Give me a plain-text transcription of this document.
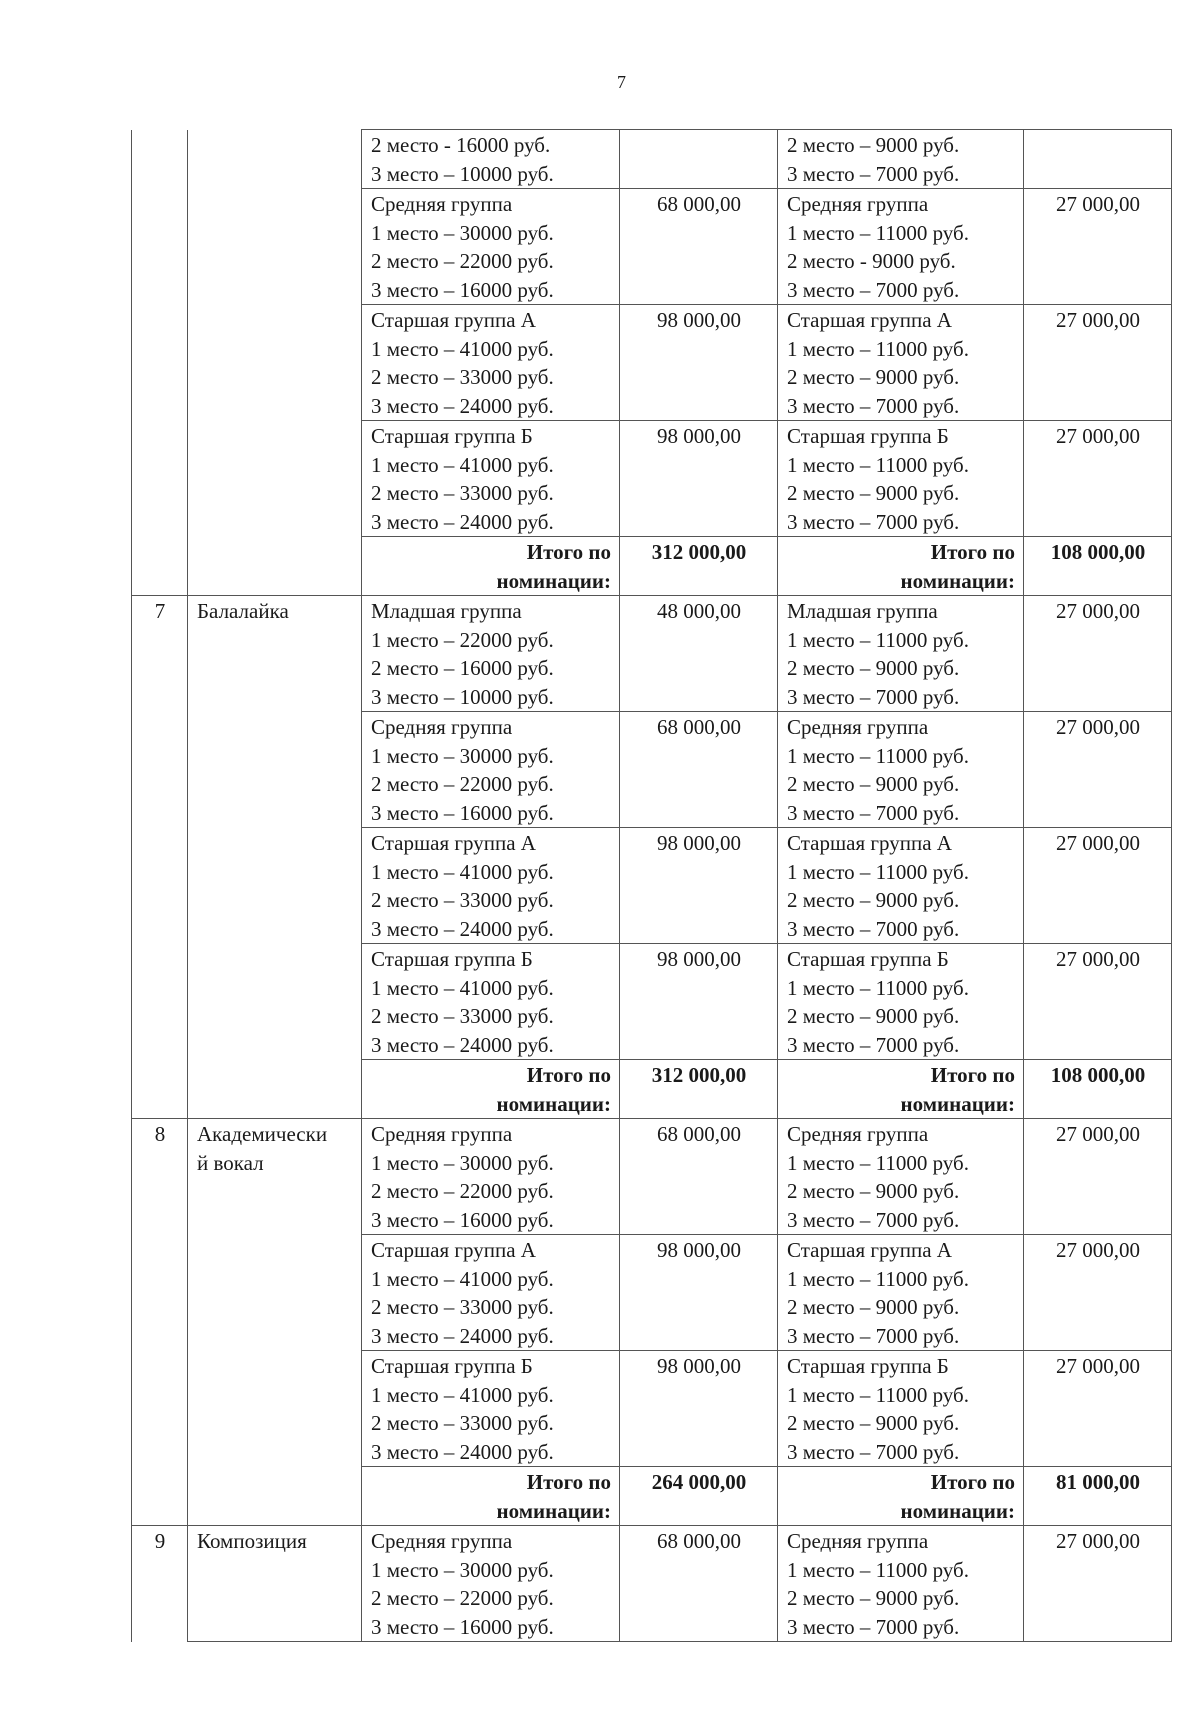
7
		2 место - 16000 руб.
3 место – 10000 руб.		2 место – 9000 руб.
3 место – 7000 руб.	
		Средняя группа
1 место – 30000 руб.
2 место – 22000 руб.
3 место – 16000 руб.	68 000,00	Средняя группа
1 место – 11000 руб.
2 место - 9000 руб.
3 место – 7000 руб.	27 000,00
		Старшая группа А
1 место – 41000 руб.
2 место – 33000 руб.
3 место – 24000 руб.	98 000,00	Старшая группа А
1 место – 11000 руб.
2 место – 9000 руб.
3 место – 7000 руб.	27 000,00
		Старшая группа Б
1 место – 41000 руб.
2 место – 33000 руб.
3 место – 24000 руб.	98 000,00	Старшая группа Б
1 место – 11000 руб.
2 место – 9000 руб.
3 место – 7000 руб.	27 000,00
		Итого по
номинации:	312 000,00	Итого по
номинации:	108 000,00
7	Балалайка	Младшая группа
1 место – 22000 руб.
2 место – 16000 руб.
3 место – 10000 руб.	48 000,00	Младшая группа
1 место – 11000 руб.
2 место – 9000 руб.
3 место – 7000 руб.	27 000,00
		Средняя группа
1 место – 30000 руб.
2 место – 22000 руб.
3 место – 16000 руб.	68 000,00	Средняя группа
1 место – 11000 руб.
2 место – 9000 руб.
3 место – 7000 руб.	27 000,00
		Старшая группа А
1 место – 41000 руб.
2 место – 33000 руб.
3 место – 24000 руб.	98 000,00	Старшая группа А
1 место – 11000 руб.
2 место – 9000 руб.
3 место – 7000 руб.	27 000,00
		Старшая группа Б
1 место – 41000 руб.
2 место – 33000 руб.
3 место – 24000 руб.	98 000,00	Старшая группа Б
1 место – 11000 руб.
2 место – 9000 руб.
3 место – 7000 руб.	27 000,00
		Итого по
номинации:	312 000,00	Итого по
номинации:	108 000,00
8	Академически
й вокал	Средняя группа
1 место – 30000 руб.
2 место – 22000 руб.
3 место – 16000 руб.	68 000,00	Средняя группа
1 место – 11000 руб.
2 место – 9000 руб.
3 место – 7000 руб.	27 000,00
		Старшая группа А
1 место – 41000 руб.
2 место – 33000 руб.
3 место – 24000 руб.	98 000,00	Старшая группа А
1 место – 11000 руб.
2 место – 9000 руб.
3 место – 7000 руб.	27 000,00
		Старшая группа Б
1 место – 41000 руб.
2 место – 33000 руб.
3 место – 24000 руб.	98 000,00	Старшая группа Б
1 место – 11000 руб.
2 место – 9000 руб.
3 место – 7000 руб.	27 000,00
		Итого по
номинации:	264 000,00	Итого по
номинации:	81 000,00
9	Композиция	Средняя группа
1 место – 30000 руб.
2 место – 22000 руб.
3 место – 16000 руб.	68 000,00	Средняя группа
1 место – 11000 руб.
2 место – 9000 руб.
3 место – 7000 руб.	27 000,00
